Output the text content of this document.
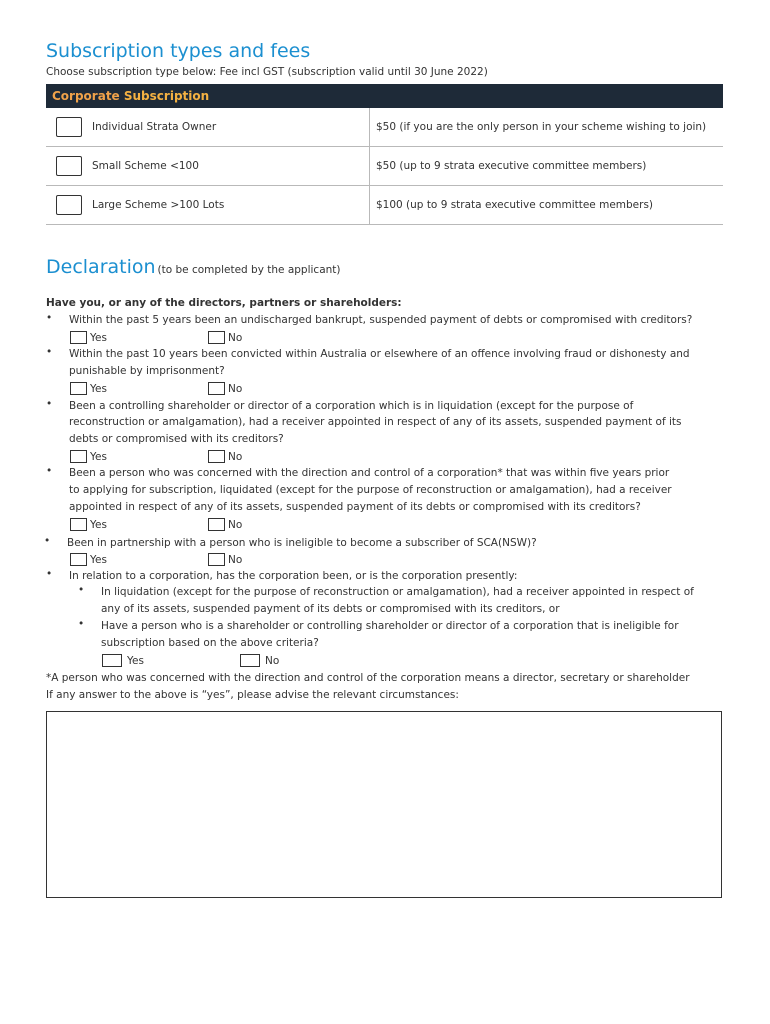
Subscription types and fees
Choose subscription type below: Fee incl GST (subscription valid until 30 June 2022)
Corporate Subscription	

Individual Strata Owner	$50 (if you are the only person in your scheme wishing to join)

Small Scheme <100	$50 (up to 9 strata executive committee members)

Large Scheme >100 Lots	$100 (up to 9 strata executive committee members)
Declaration (to be completed by the applicant)
Have you, or any of the directors, partners or shareholders:
• Within the past 5 years been an undischarged bankrupt, suspended payment of debts or compromised with creditors?
Yes	No
• Within the past 10 years been convicted within Australia or elsewhere of an offence involving fraud or dishonesty and
punishable by imprisonment?
Yes	No
• Been a controlling shareholder or director of a corporation which is in liquidation (except for the purpose of
reconstruction or amalgamation), had a receiver appointed in respect of any of its assets, suspended payment of its
debts or compromised with its creditors?
Yes	No
• Been a person who was concerned with the direction and control of a corporation* that was within five years prior
to applying for subscription, liquidated (except for the purpose of reconstruction or amalgamation), had a receiver
appointed in respect of any of its assets, suspended payment of its debts or compromised with its creditors?
Yes	No
• Been in partnership with a person who is ineligible to become a subscriber of SCA(NSW)?
Yes	No
• In relation to a corporation, has the corporation been, or is the corporation presently:
• In liquidation (except for the purpose of reconstruction or amalgamation), had a receiver appointed in respect of
any of its assets, suspended payment of its debts or compromised with its creditors, or
• Have a person who is a shareholder or controlling shareholder or director of a corporation that is ineligible for
subscription based on the above criteria?
Yes	No
*A person who was concerned with the direction and control of the corporation means a director, secretary or shareholder
If any answer to the above is “yes”, please advise the relevant circumstances:
